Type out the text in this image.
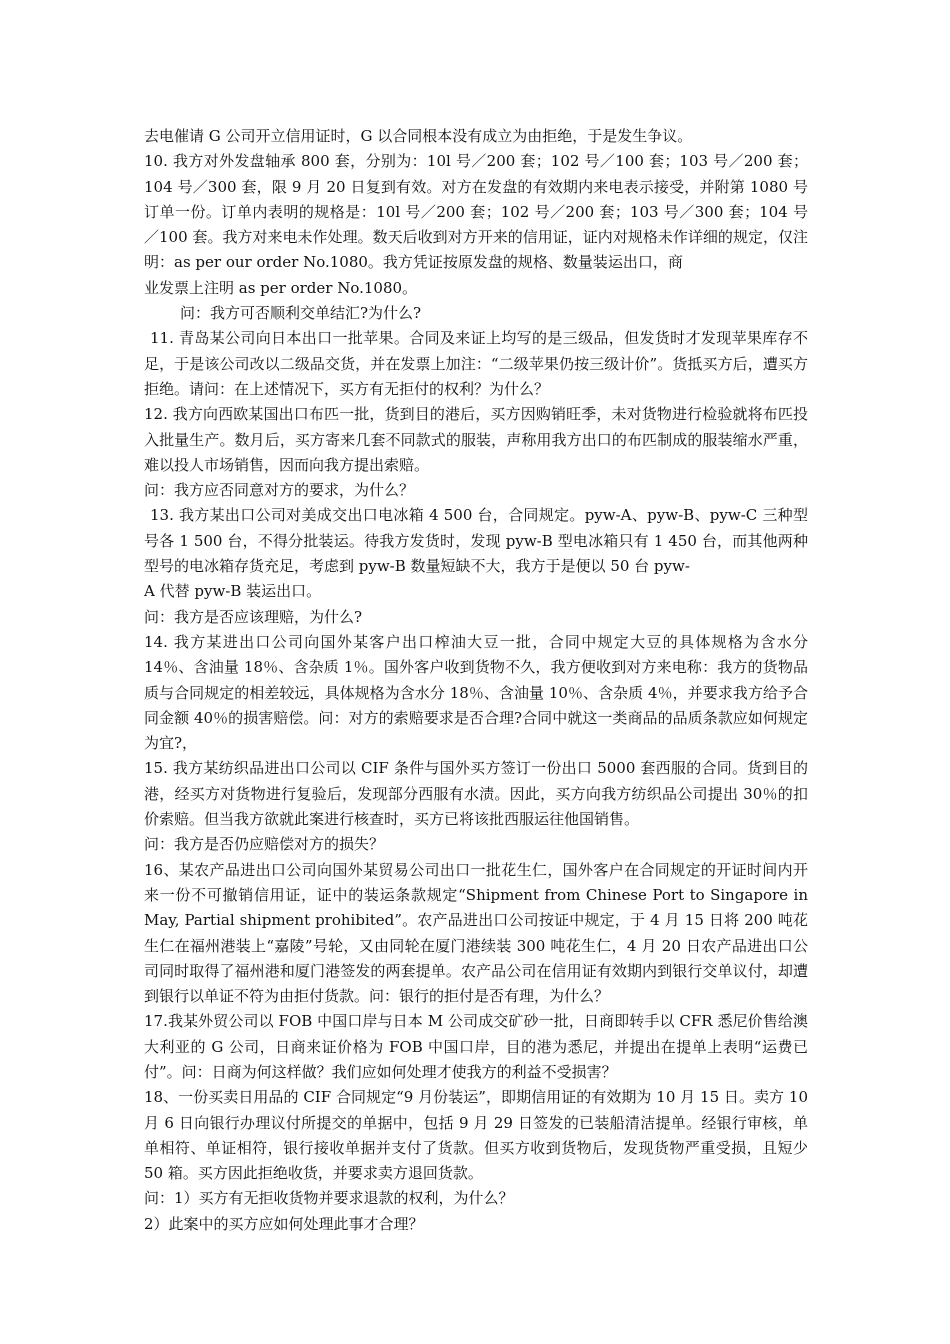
去电催请 G 公司开立信用证时，G 以合同根本没有成立为由拒绝，于是发生争议。

10. 我方对外发盘轴承 800 套，分别为：10l 号／200 套；102 号／100 套；103 号／200 套；104 号／300 套，限 9 月 20 日复到有效。对方在发盘的有效期内来电表示接受，并附第 1080 号订单一份。订单内表明的规格是：10l 号／200 套；102 号／200 套；103 号／300 套；104 号／100 套。我方对来电未作处理。数天后收到对方开来的信用证，证内对规格未作详细的规定，仅注明：as per our order No.1080。我方凭证按原发盘的规格、数量装运出口，商

业发票上注明 as per order No.1080。

问：我方可否顺利交单结汇?为什么?

11. 青岛某公司向日本出口一批苹果。合同及来证上均写的是三级品，但发货时才发现苹果库存不足，于是该公司改以二级品交货，并在发票上加注：“二级苹果仍按三级计价”。货抵买方后，遭买方拒绝。请问：在上述情况下，买方有无拒付的权利？为什么？

12. 我方向西欧某国出口布匹一批，货到目的港后，买方因购销旺季，未对货物进行检验就将布匹投入批量生产。数月后，买方寄来几套不同款式的服装，声称用我方出口的布匹制成的服装缩水严重，难以投人市场销售，因而向我方提出索赔。

问：我方应否同意对方的要求，为什么？

13. 我方某出口公司对美成交出口电冰箱 4 500 台，合同规定。pyw-A、pyw-B、pyw-C 三种型号各 1 500 台，不得分批装运。待我方发货时，发现 pyw-B 型电冰箱只有 1 450 台，而其他两种型号的电冰箱存货充足，考虑到 pyw-B 数量短缺不大，我方于是便以 50 台 pyw-

A 代替 pyw-B 装运出口。

问：我方是否应该理赔，为什么?

14. 我方某进出口公司向国外某客户出口榨油大豆一批，合同中规定大豆的具体规格为含水分 14％、含油量 18％、含杂质 1％。国外客户收到货物不久，我方便收到对方来电称：我方的货物品质与合同规定的相差较远，具体规格为含水分 18％、含油量 10％、含杂质 4％，并要求我方给予合同金额 40％的损害赔偿。问：对方的索赔要求是否合理?合同中就这一类商品的品质条款应如何规定为宜?，

15. 我方某纺织品进出口公司以 CIF 条件与国外买方签订一份出口 5000 套西服的合同。货到目的港，经买方对货物进行复验后，发现部分西服有水渍。因此，买方向我方纺织品公司提出 30％的扣价索赔。但当我方欲就此案进行核查时，买方已将该批西服运往他国销售。

问：我方是否仍应赔偿对方的损失？

16、某农产品进出口公司向国外某贸易公司出口一批花生仁，国外客户在合同规定的开证时间内开来一份不可撤销信用证，证中的装运条款规定“Shipment from Chinese Port to Singapore in May, Partial shipment prohibited”。农产品进出口公司按证中规定，于 4 月 15 日将 200 吨花生仁在福州港装上“嘉陵”号轮，又由同轮在厦门港续装 300 吨花生仁，4 月 20 日农产品进出口公司同时取得了福州港和厦门港签发的两套提单。农产品公司在信用证有效期内到银行交单议付，却遭到银行以单证不符为由拒付货款。问：银行的拒付是否有理，为什么？

17.我某外贸公司以 FOB 中国口岸与日本 M 公司成交矿砂一批，日商即转手以 CFR 悉尼价售给澳大利亚的 G 公司，日商来证价格为 FOB 中国口岸，目的港为悉尼，并提出在提单上表明“运费已付”。问：日商为何这样做？我们应如何处理才使我方的利益不受损害？

18、一份买卖日用品的 CIF 合同规定“9 月份装运”，即期信用证的有效期为 10 月 15 日。卖方 10 月 6 日向银行办理议付所提交的单据中，包括 9 月 29 日签发的已装船清洁提单。经银行审核，单单相符、单证相符，银行接收单据并支付了货款。但买方收到货物后，发现货物严重受损，且短少 50 箱。买方因此拒绝收货，并要求卖方退回货款。

问：1）买方有无拒收货物并要求退款的权利，为什么？

2）此案中的买方应如何处理此事才合理？
